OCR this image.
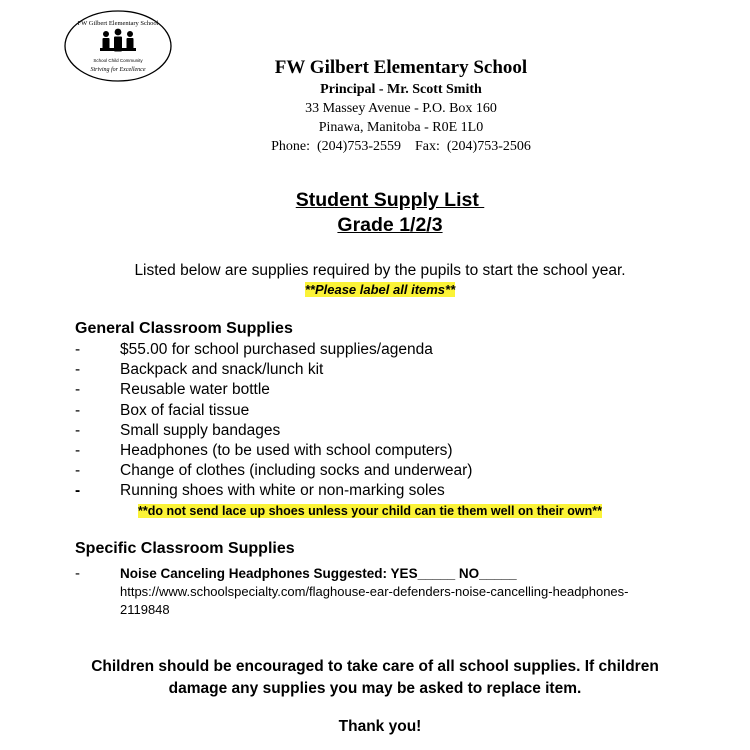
FW Gilbert Elementary School
School Child Community
Striving for Excellence	FW Gilbert Elementary School
Principal - Mr. Scott Smith
33 Massey Avenue - P.O. Box 160
Pinawa, Manitoba - R0E 1L0
Phone:  (204)753-2559    Fax:  (204)753-2506
Student Supply List
Grade 1/2/3
Listed below are supplies required by the pupils to start the school year.
**Please label all items**
General Classroom Supplies
-	$55.00 for school purchased supplies/agenda
-	Backpack and snack/lunch kit
-	Reusable water bottle
-	Box of facial tissue
-	Small supply bandages
-	Headphones (to be used with school computers)
-	Change of clothes (including socks and underwear)
-	Running shoes with white or non-marking soles
**do not send lace up shoes unless your child can tie them well on their own**
Specific Classroom Supplies
-	Noise Canceling Headphones Suggested: YES_____ NO_____
https://www.schoolspecialty.com/flaghouse-ear-defenders-noise-cancelling-headphones-2119848
Children should be encouraged to take care of all school supplies. If children damage any supplies you may be asked to replace item.
Thank you!
